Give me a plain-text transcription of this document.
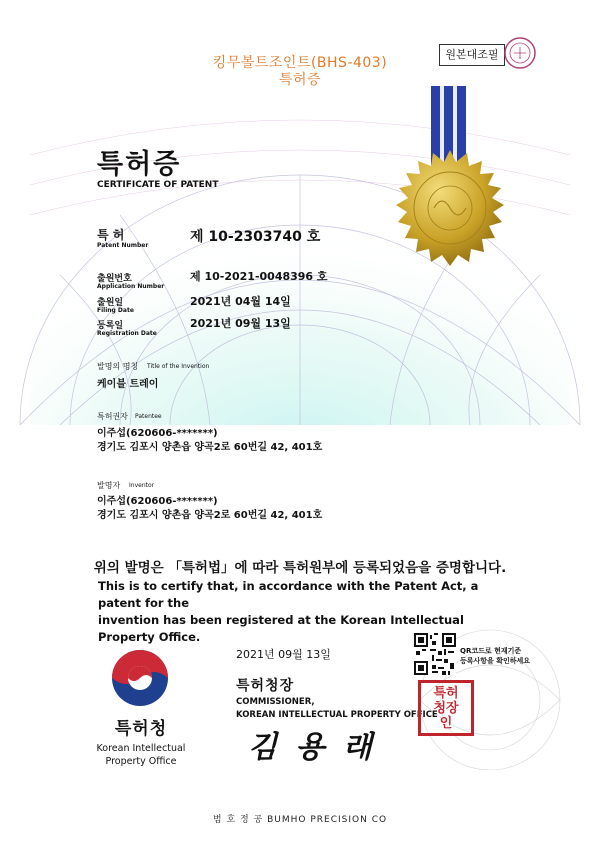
킹무볼트조인트(BHS-403)
특허증
원본대조필
특허증
CERTIFICATE OF PATENT
특 허
Patent Number
제 10-2303740 호
출원번호
Application Number
제 10-2021-0048396 호
출원일
Filing Date
2021년 04월 14일
등록일
Registration Date
2021년 09월 13일
발명의 명칭 Title of the Invention
케이블 트레이
특허권자 Patentee
이주섭(620606-*******)
경기도 김포시 양촌읍 양곡2로 60번길 42, 401호
발명자 Inventor
이주섭(620606-*******)
경기도 김포시 양촌읍 양곡2로 60번길 42, 401호
위의 발명은 「특허법」에 따라 특허원부에 등록되었음을 증명합니다.
This is to certify that, in accordance with the Patent Act, a patent for the
invention has been registered at the Korean Intellectual Property Office.
특허청
Korean Intellectual
Property Office
2021년 09월 13일
특허청장
COMMISSIONER,
KOREAN INTELLECTUAL PROPERTY OFFICE
김 용 래
QR코드로 현재기준
등록사항을 확인하세요
특허청장인
범 호 정 공 BUMHO PRECISION CO
